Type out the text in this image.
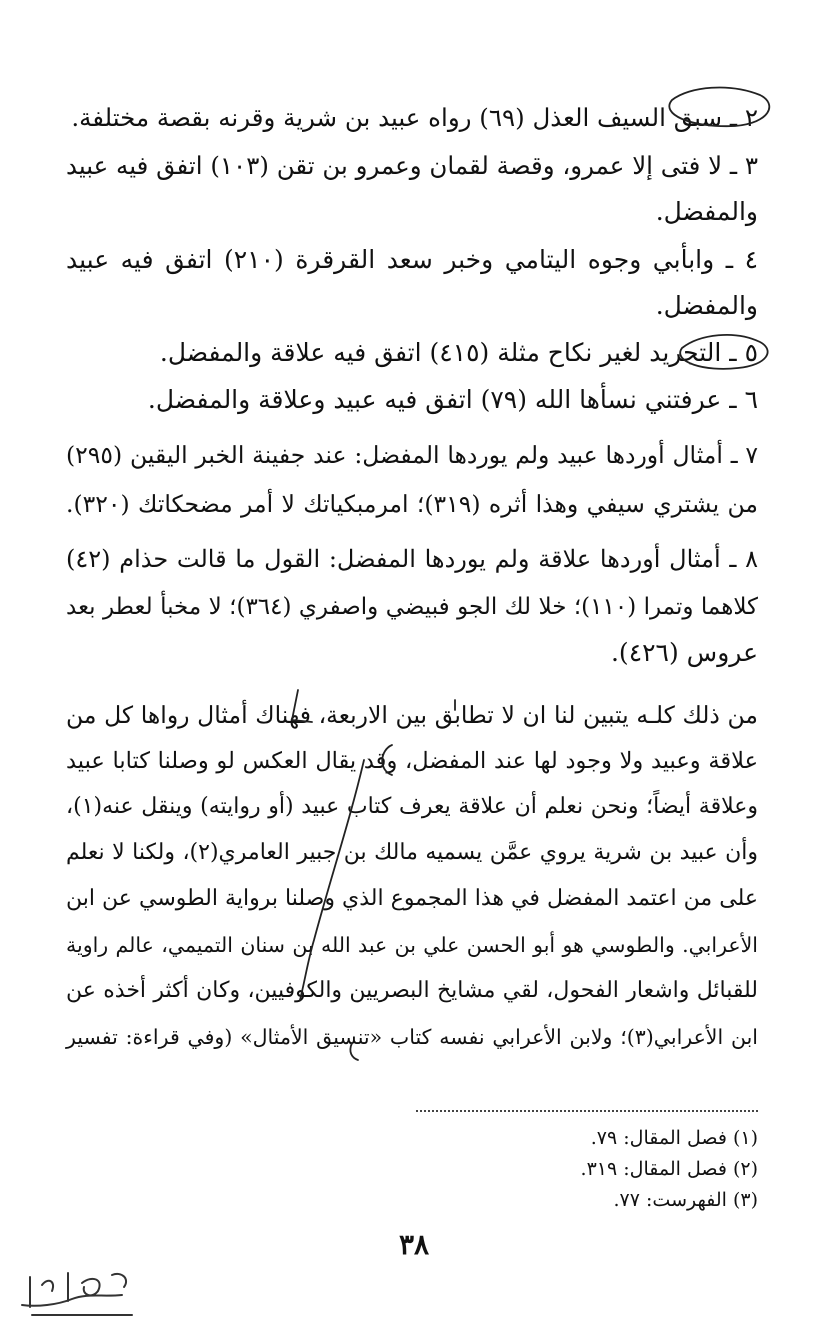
٢ ـ سبق السيف العذل (٦٩) رواه عبيد بن شرية وقرنه بقصة مختلفة.
٣ ـ لا فتى إلا عمرو، وقصة لقمان وعمرو بن تقن (١٠٣) اتفق فيه عبيد
والمفضل.
٤ ـ وابأبي وجوه اليتامي وخبر سعد القرقرة (٢١٠) اتفق فيه عبيد
والمفضل.
٥ ـ التجريد لغير نكاح مثلة (٤١٥) اتفق فيه علاقة والمفضل.
٦ ـ عرفتني نسأها الله (٧٩) اتفق فيه عبيد وعلاقة والمفضل.
٧ ـ أمثال أوردها عبيد ولم يوردها المفضل: عند جفينة الخبر اليقين (٢٩٥)
من يشتري سيفي وهذا أثره (٣١٩)؛ امرمبكياتك لا أمر مضحكاتك (٣٢٠).
٨ ـ أمثال أوردها علاقة ولم يوردها المفضل: القول ما قالت حذام (٤٢)
كلاهما وتمرا (١١٠)؛ خلا لك الجو فبيضي واصفري (٣٦٤)؛ لا مخبأ لعطر بعد
عروس (٤٢٦).
من ذلك كلـه يتبين لنا ان لا تطابق بين الاربعة، فهناك أمثال رواها كل من
علاقة وعبيد ولا وجود لها عند المفضل، وقد يقال العكس لو وصلنا كتابا عبيد
وعلاقة أيضاً؛ ونحن نعلم أن علاقة يعرف كتاب عبيد (أو روايته) وينقل عنه(١)،
وأن عبيد بن شرية يروي عمَّن يسميه مالك بن جبير العامري(٢)، ولكنا لا نعلم
على من اعتمد المفضل في هذا المجموع الذي وصلنا برواية الطوسي عن ابن
الأعرابي. والطوسي هو أبو الحسن علي بن عبد الله بن سنان التميمي، عالم راوية
للقبائل واشعار الفحول، لقي مشايخ البصريين والكوفيين، وكان أكثر أخذه عن
ابن الأعرابي(٣)؛ ولابن الأعرابي نفسه كتاب «تنسيق الأمثال» (وفي قراءة: تفسير
(١) فصل المقال: ٧٩.
(٢) فصل المقال: ٣١٩.
(٣) الفهرست: ٧٧.
٣٨
